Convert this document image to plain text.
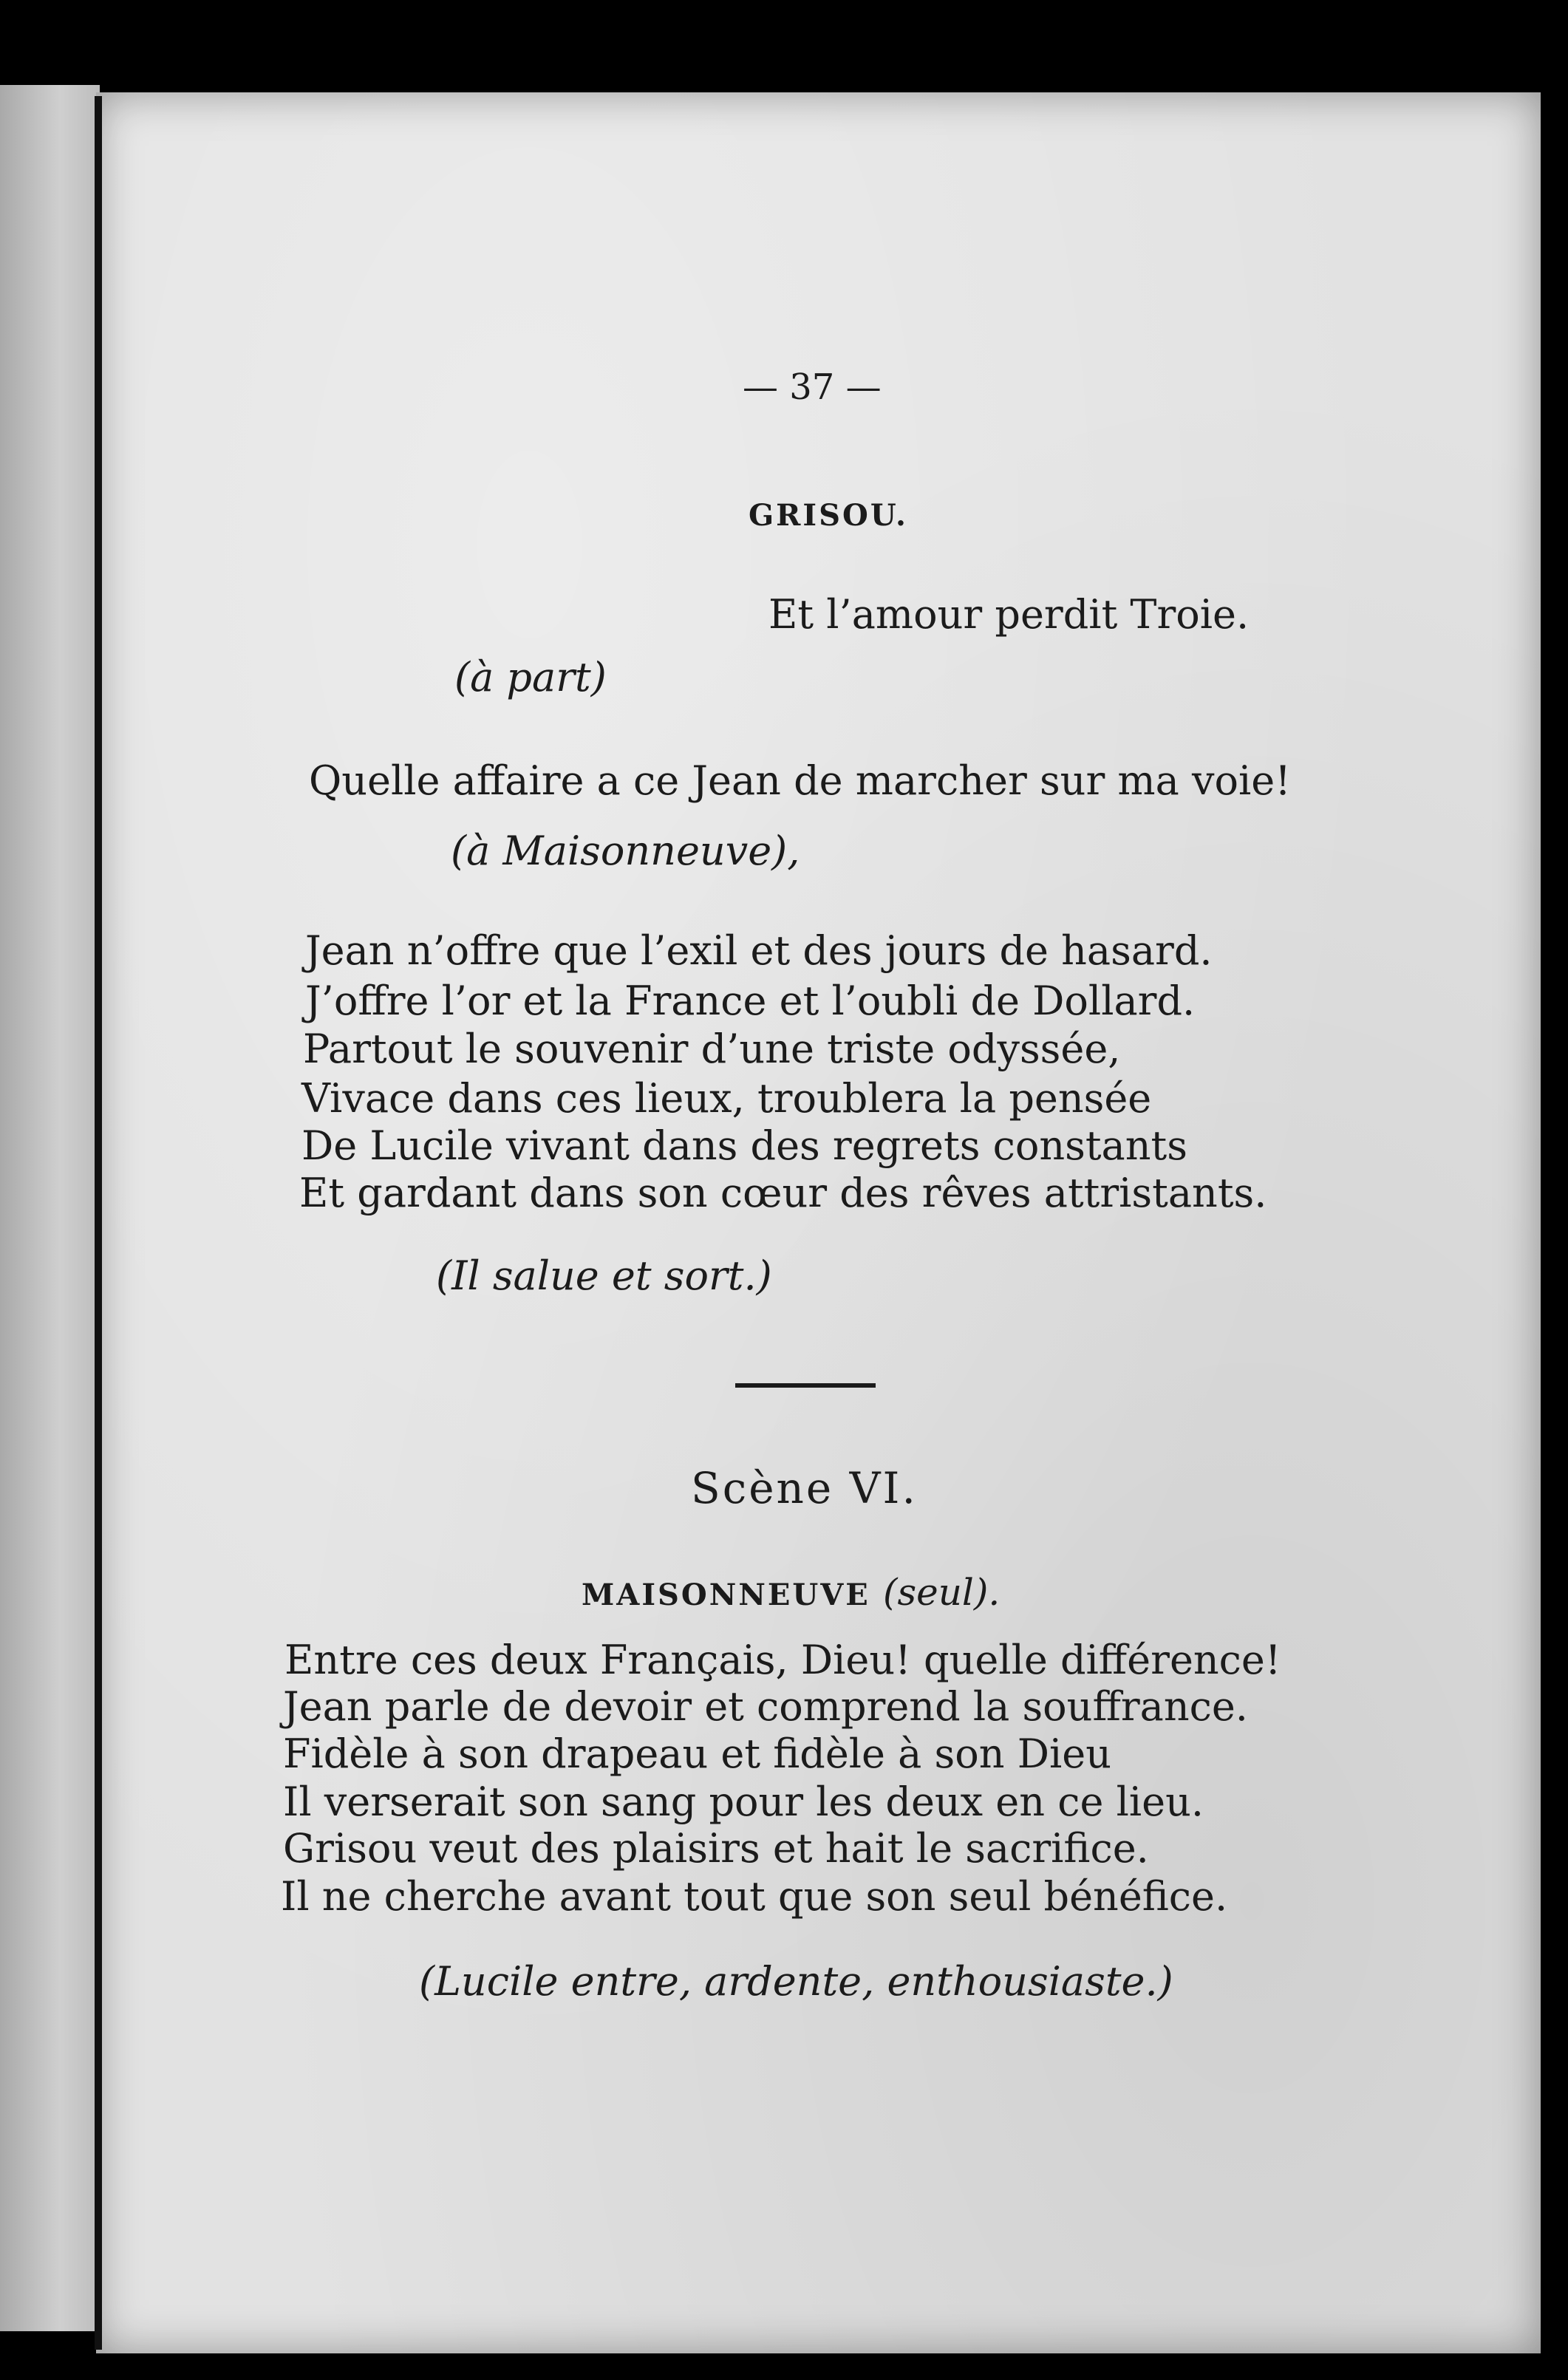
— 37 —
GRISOU.
Et l’amour perdit Troie.
(à part)
Quelle affaire a ce Jean de marcher sur ma voie!
(à Maisonneuve),
Jean n’offre que l’exil et des jours de hasard.
J’offre l’or et la France et l’oubli de Dollard.
Partout le souvenir d’une triste odyssée,
Vivace dans ces lieux, troublera la pensée
De Lucile vivant dans des regrets constants
Et gardant dans son cœur des rêves attristants.
(Il salue et sort.)
Scène VI.
MAISONNEUVE (seul).
Entre ces deux Français, Dieu! quelle différence!
Jean parle de devoir et comprend la souffrance.
Fidèle à son drapeau et fidèle à son Dieu
Il verserait son sang pour les deux en ce lieu.
Grisou veut des plaisirs et hait le sacrifice.
Il ne cherche avant tout que son seul bénéfice.
(Lucile entre, ardente, enthousiaste.)
